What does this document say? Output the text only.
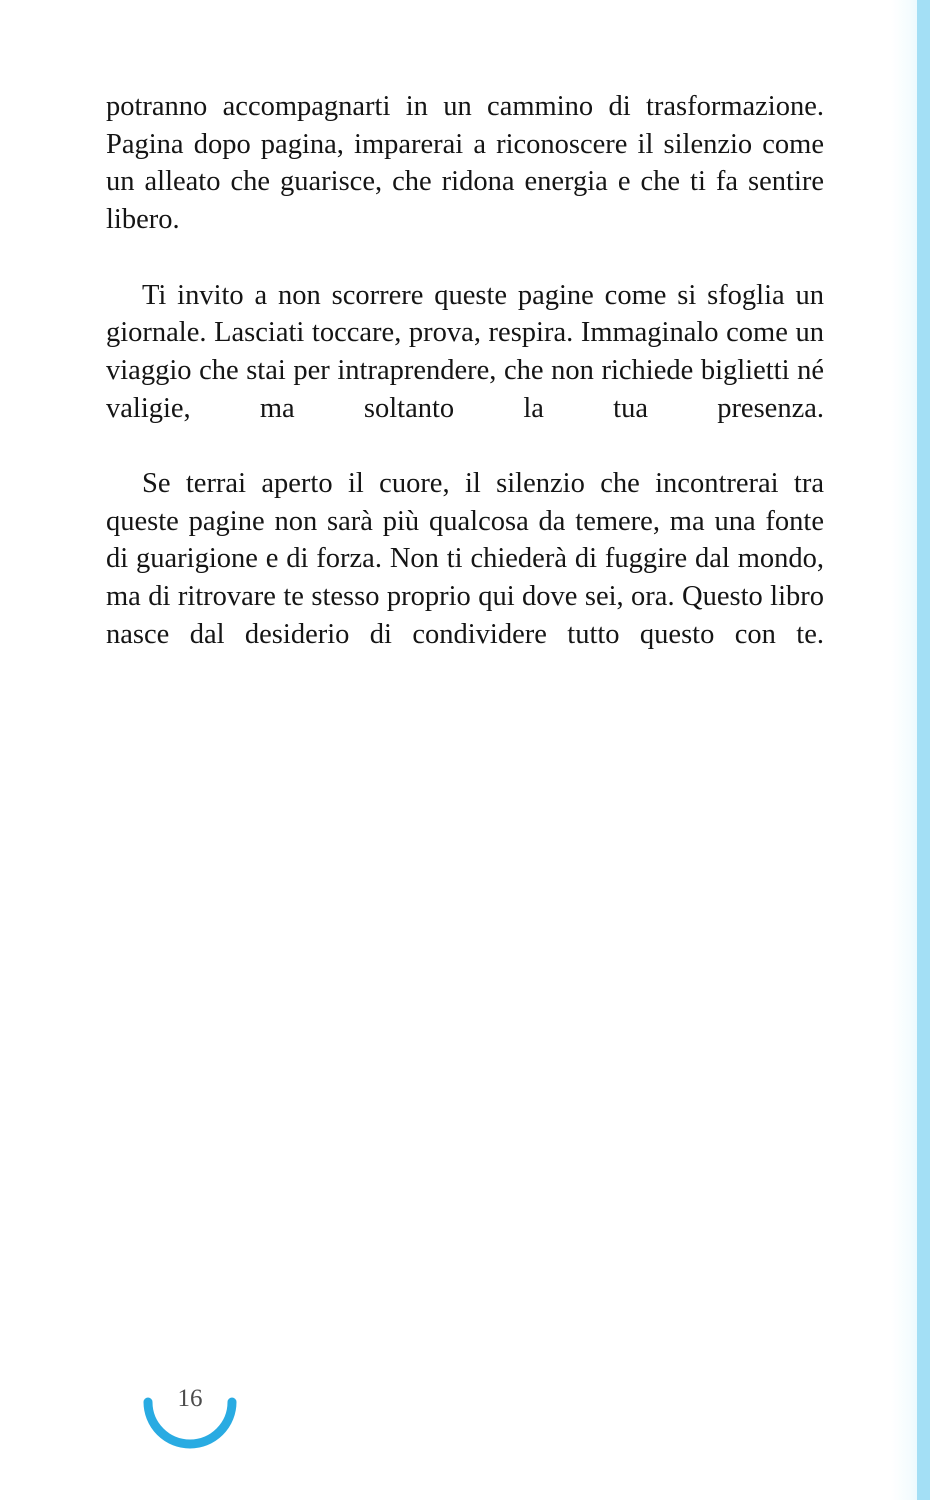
potranno accompagnarti in un cammino di trasformazione. Pagina dopo pagina, imparerai a riconoscere il silenzio come un alleato che guarisce, che ridona energia e che ti fa sentire libero.

Ti invito a non scorrere queste pagine come si sfoglia un giornale. Lasciati toccare, prova, respira. Immaginalo come un viaggio che stai per intraprendere, che non richiede biglietti né valigie, ma soltanto la tua presenza.

Se terrai aperto il cuore, il silenzio che incontrerai tra queste pagine non sarà più qualcosa da temere, ma una fonte di guarigione e di forza. Non ti chiederà di fuggire dal mondo, ma di ritrovare te stesso proprio qui dove sei, ora. Questo libro nasce dal desiderio di condividere tutto questo con te.

16
